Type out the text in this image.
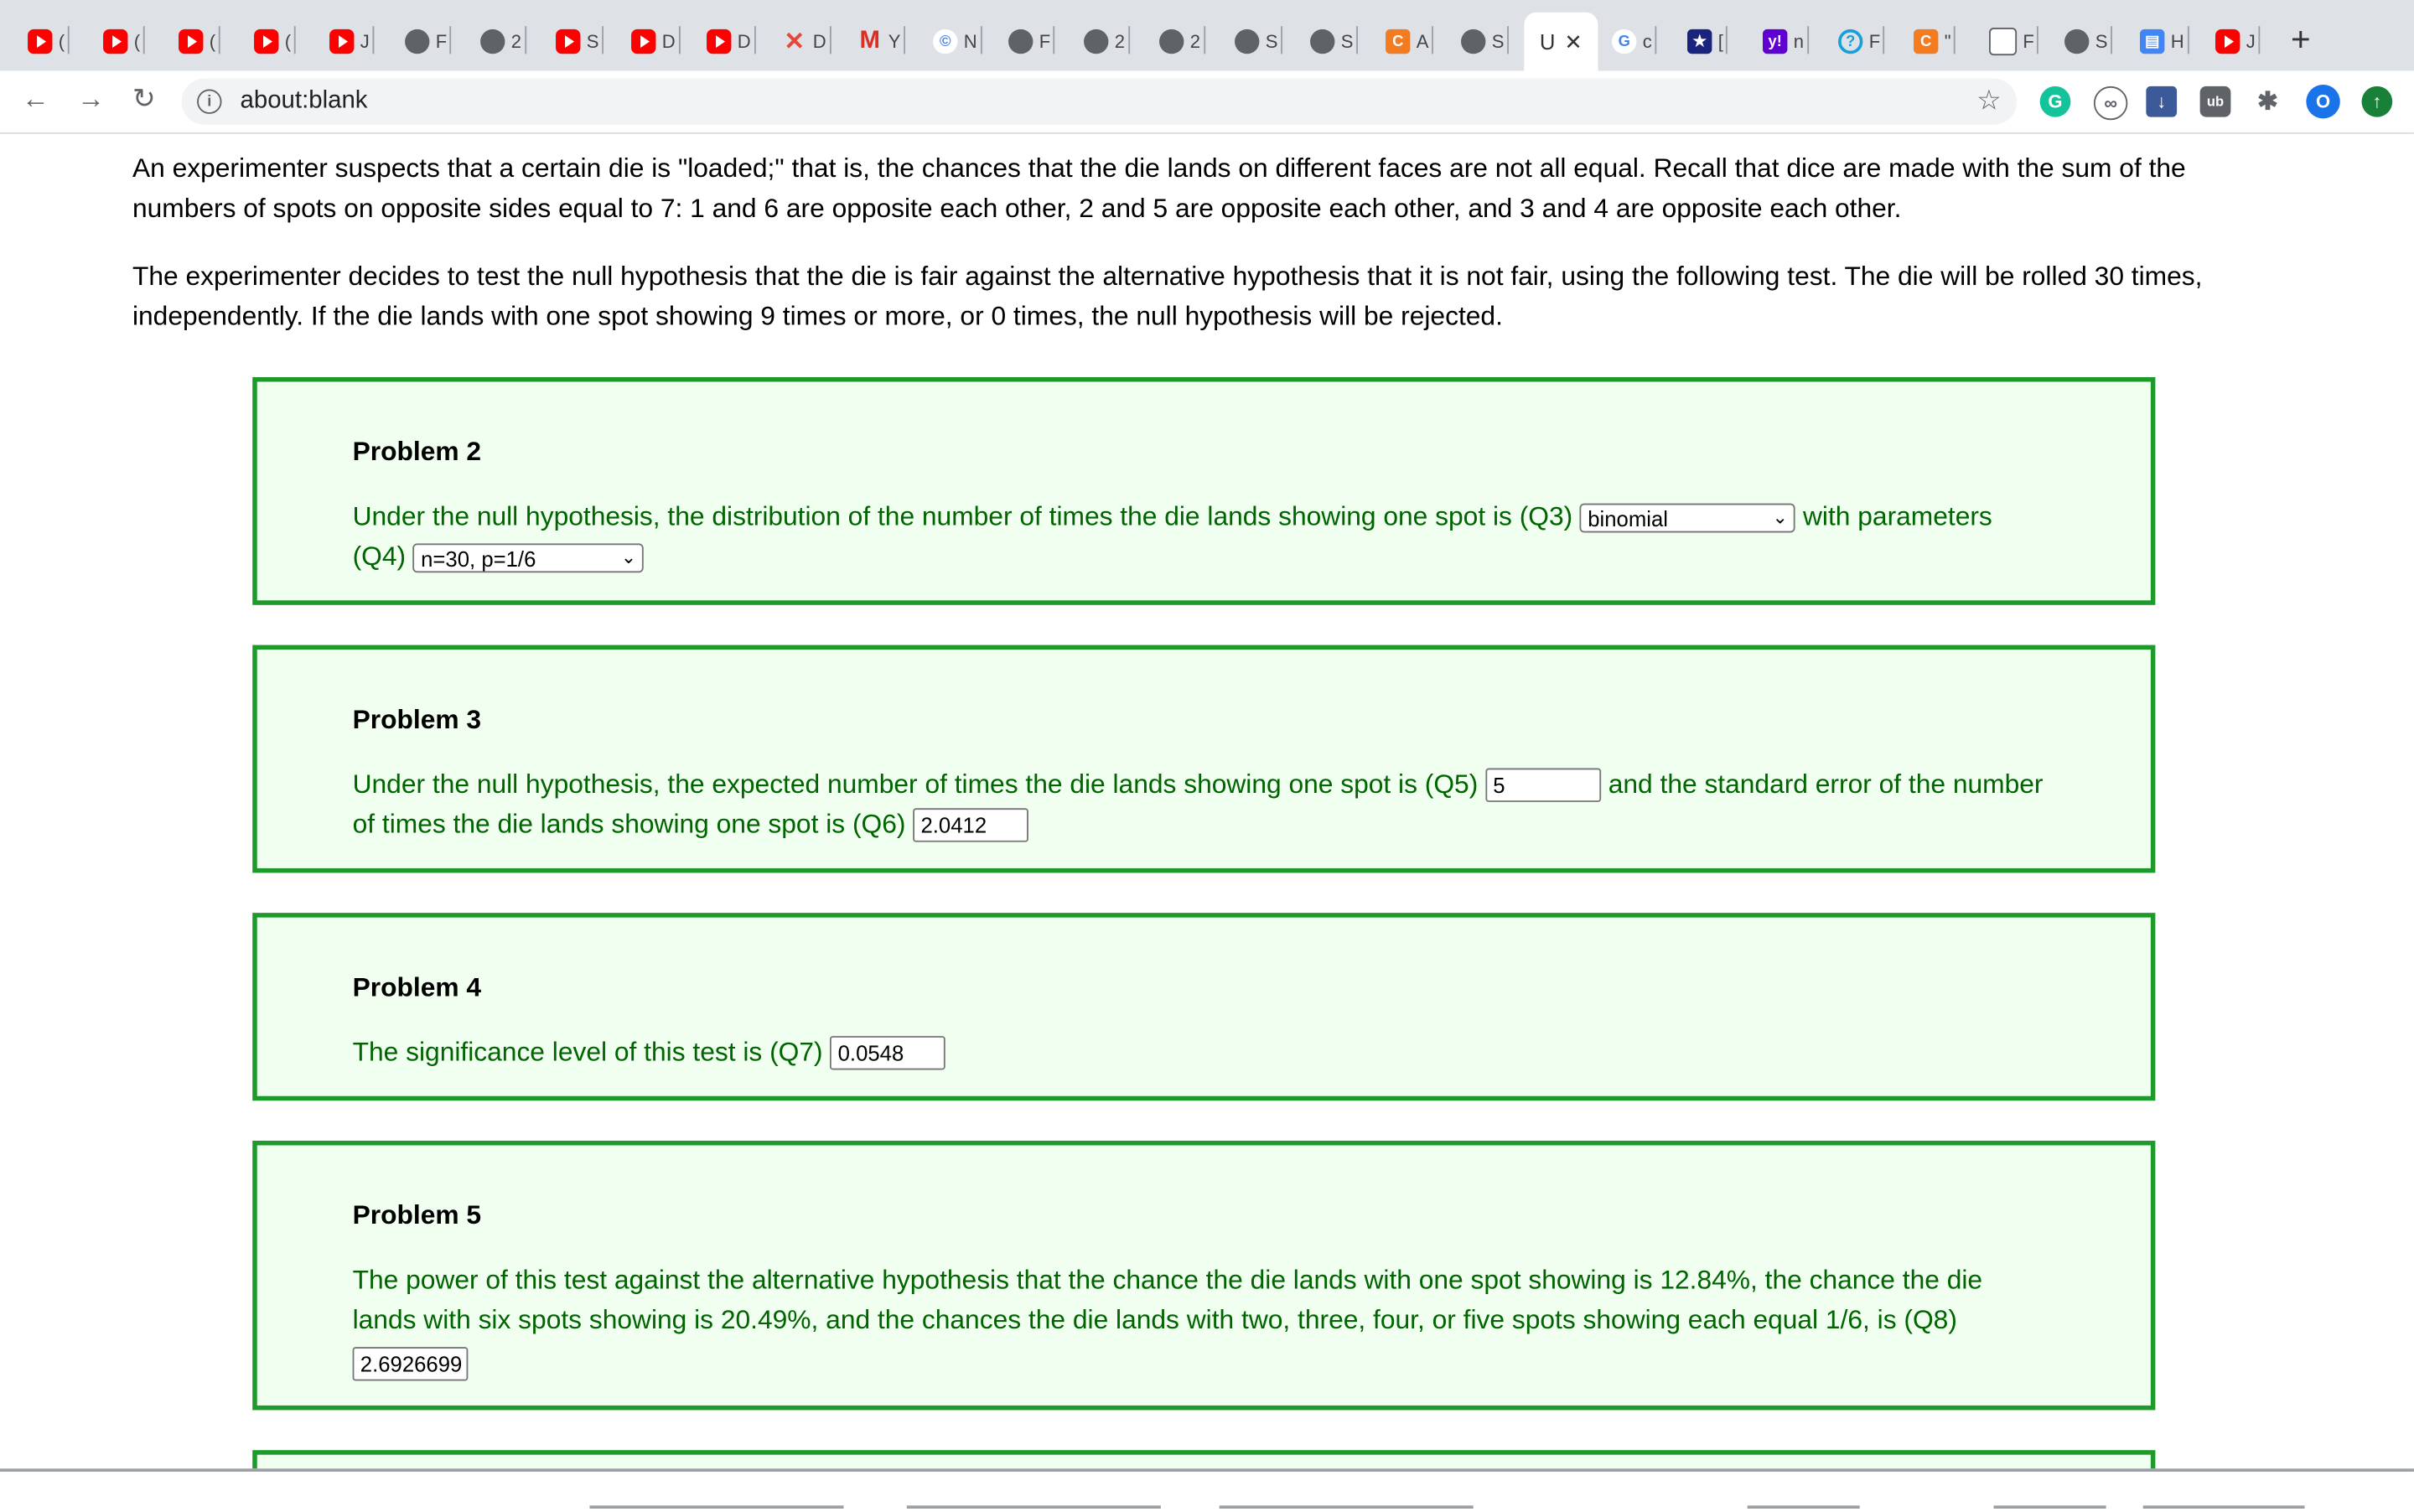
(	(	(	(	J	F	2	S	D	D ✕ D M Y	©	N	F	2	2	S	S	C	A	S	U ✕	G	c	★	[	y!	n	?	F	C	"	▦	F	S	▤	H	J +
← → ↻	i	about:blank	☆	G	∞	↓	ub	✱	O	↑

An experimenter suspects that a certain die is "loaded;" that is, the chances that the die lands on different faces are not all equal. Recall that dice are made with the sum of the numbers of spots on opposite sides equal to 7: 1 and 6 are opposite each other, 2 and 5 are opposite each other, and 3 and 4 are opposite each other.

The experimenter decides to test the null hypothesis that the die is fair against the alternative hypothesis that it is not fair, using the following test. The die will be rolled 30 times, independently. If the die lands with one spot showing 9 times or more, or 0 times, the null hypothesis will be rejected.

Problem 2
Under the null hypothesis, the distribution of the number of times the die lands showing one spot is (Q3) binomial	⌄ with parameters
(Q4) n=30, p=1/6	⌄
Problem 3
Under the null hypothesis, the expected number of times the die lands showing one spot is (Q5) 5	and the standard error of the number
of times the die lands showing one spot is (Q6) 2.0412
Problem 4
The significance level of this test is (Q7) 0.0548
Problem 5
The power of this test against the alternative hypothesis that the chance the die lands with one spot showing is 12.84%, the chance the die lands with six spots showing is 20.49%, and the chances the die lands with two, three, four, or five spots showing each equal 1/6, is (Q8)
2.6926699
